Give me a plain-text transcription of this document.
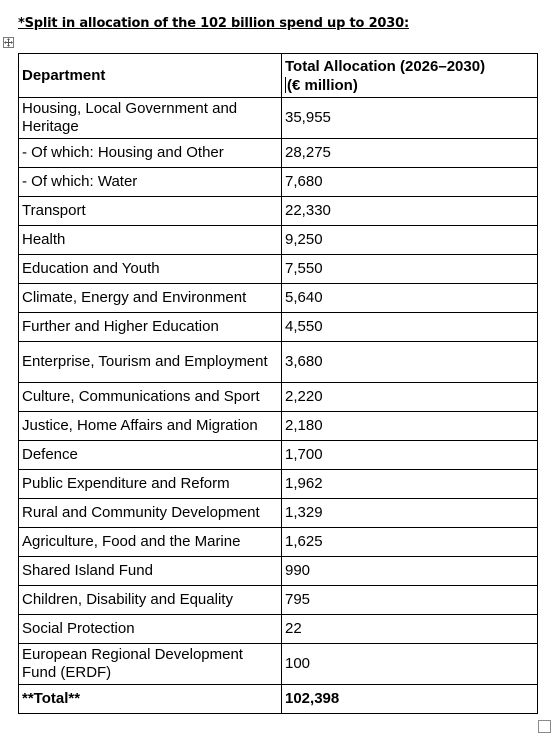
*Split in allocation of the 102 billion spend up to 2030:
Department	Total Allocation (2026–2030)
(€ million)
Housing, Local Government and Heritage	35,955
- Of which: Housing and Other	28,275
- Of which: Water	7,680
Transport	22,330
Health	9,250
Education and Youth	7,550
Climate, Energy and Environment	5,640
Further and Higher Education	4,550
Enterprise, Tourism and Employment	3,680
Culture, Communications and Sport	2,220
Justice, Home Affairs and Migration	2,180
Defence	1,700
Public Expenditure and Reform	1,962
Rural and Community Development	1,329
Agriculture, Food and the Marine	1,625
Shared Island Fund	990
Children, Disability and Equality	795
Social Protection	22
European Regional Development Fund (ERDF)	100
**Total**	102,398
